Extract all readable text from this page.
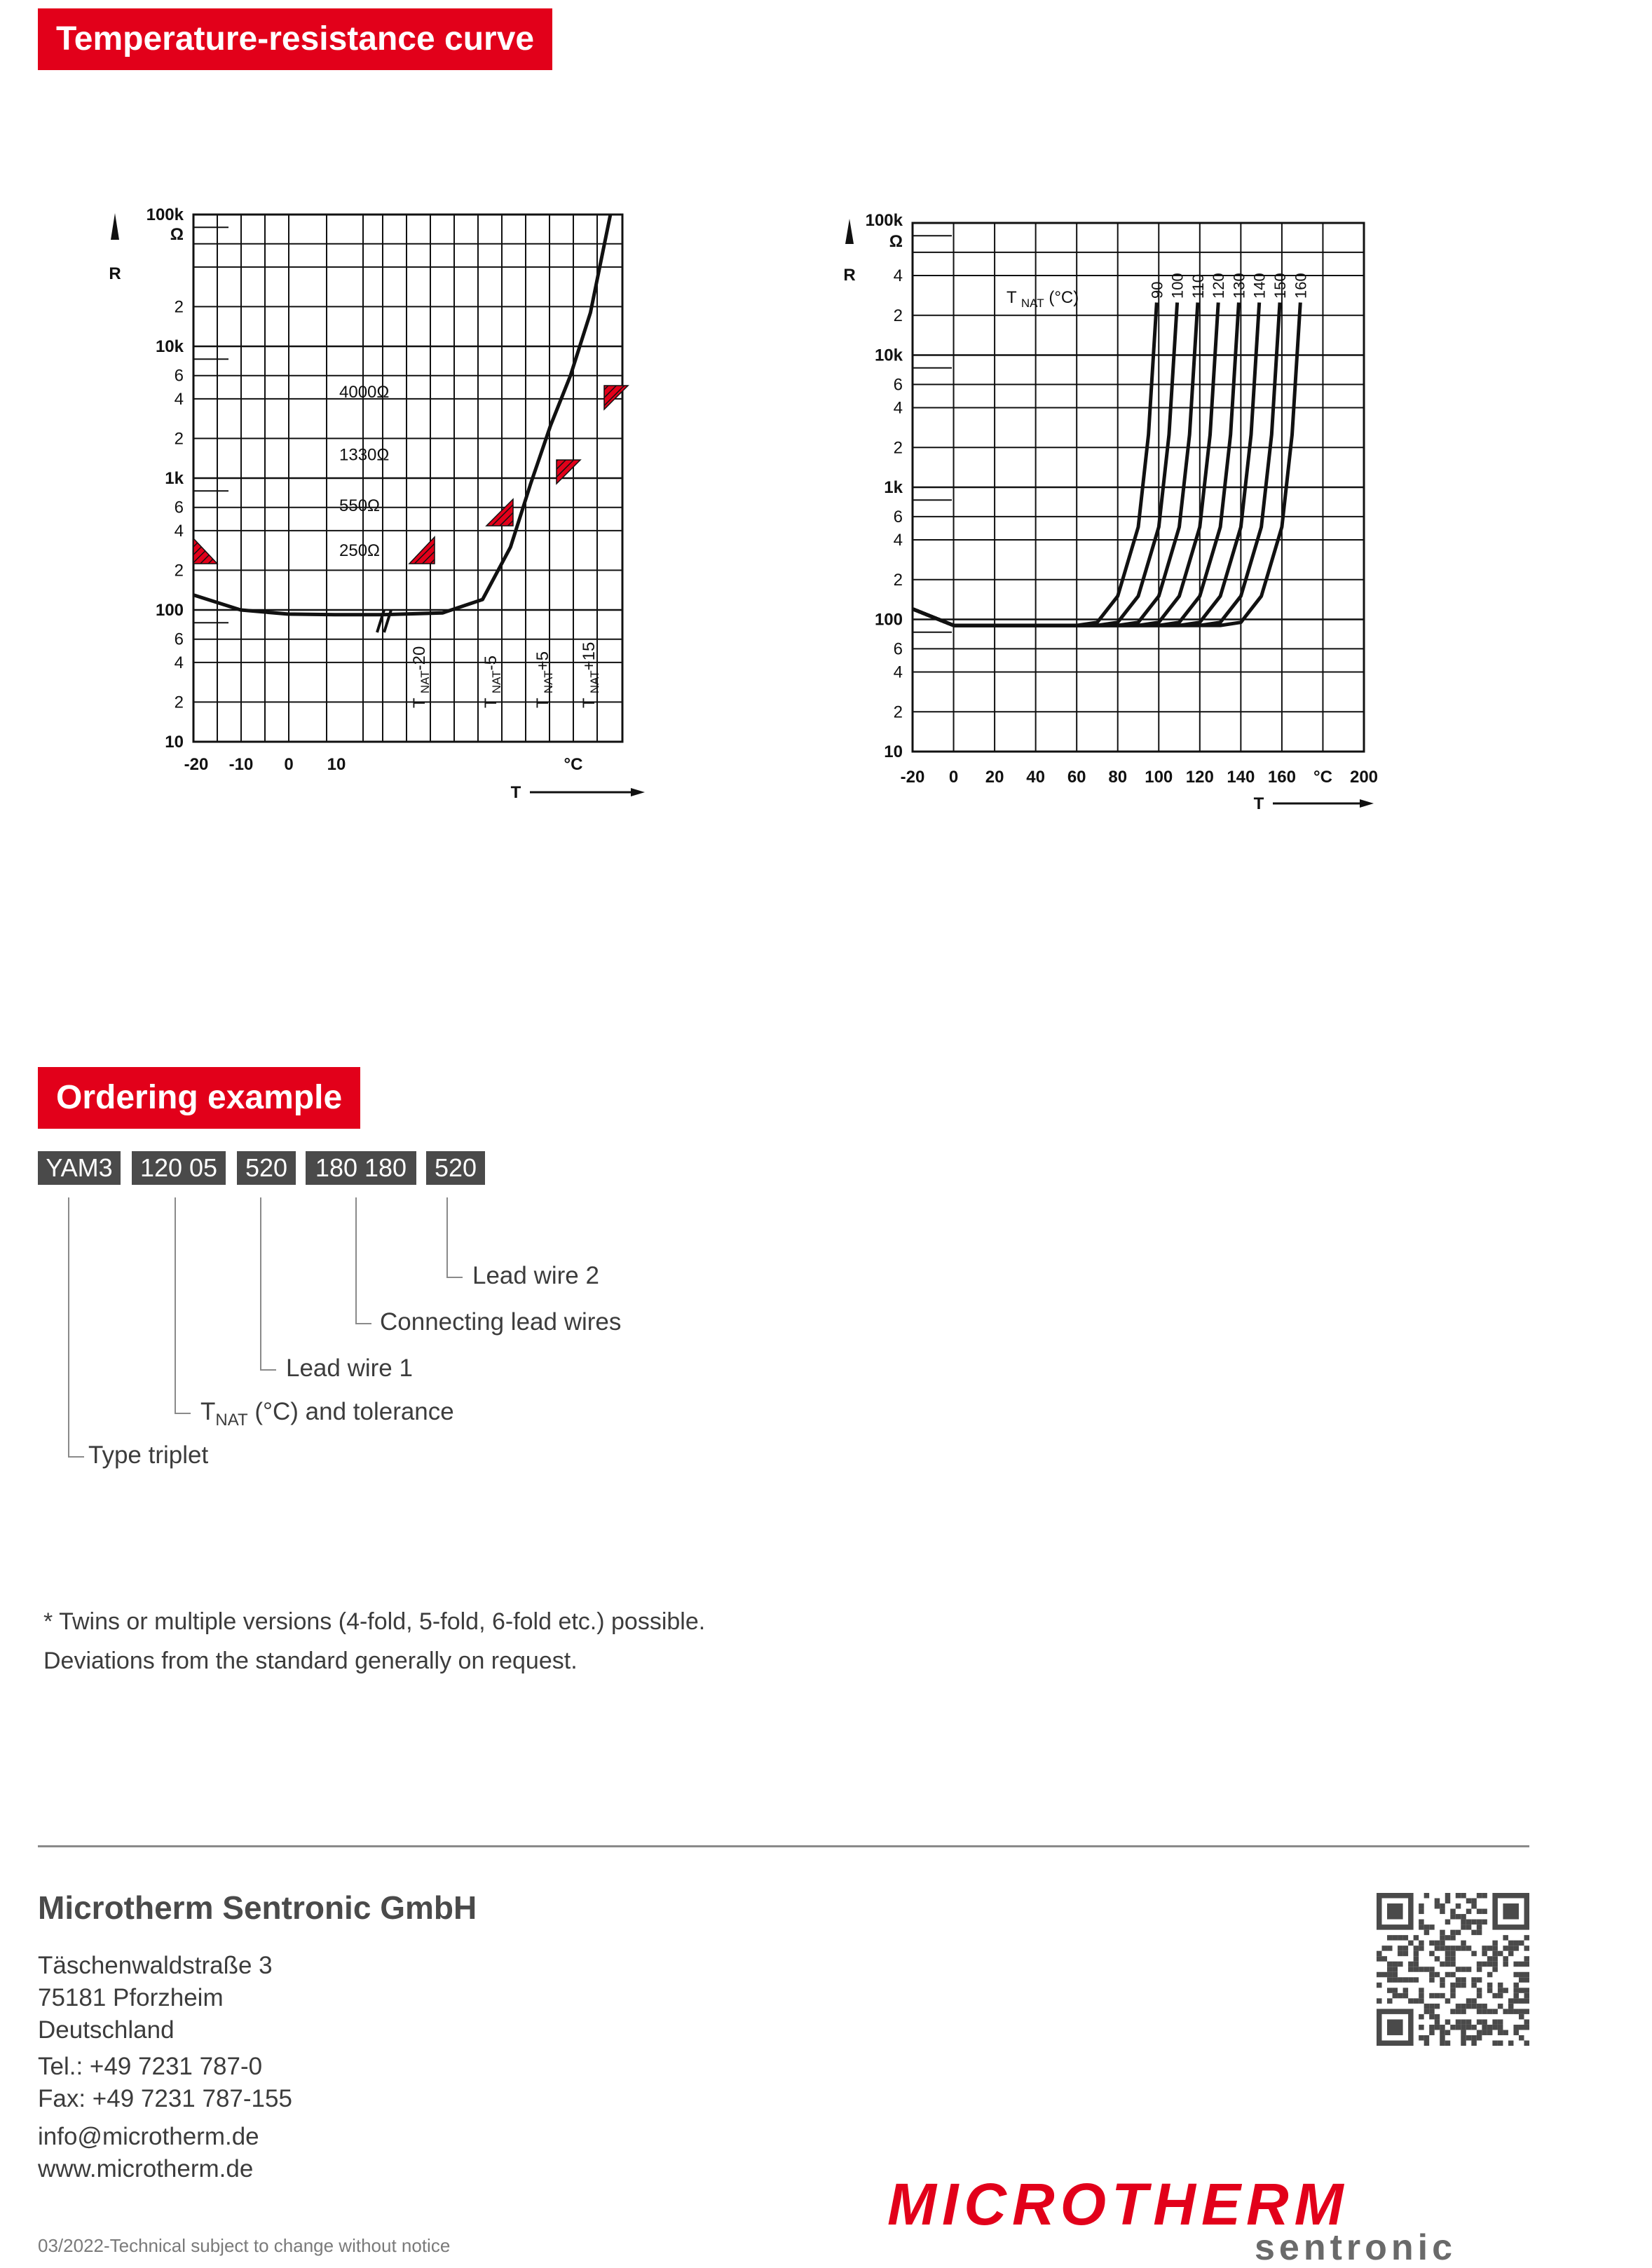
Temperature-resistance curve
100k
2
10k
6
4
2
1k
6
4
2
100
6
4
2
10
Ω
R
-20 -10 0 10	°C
T
4000Ω
1330Ω
550Ω
250Ω
T $_{NAT}$-20
T $_{NAT}$-5
T $_{NAT}$+5
T $_{NAT}$+15
100k
4
2
10k
6
4
2
1k
6
4
2
100
6
4
2
10
Ω
R
-20 0 20 40 60 80 100 120 140 160 °C 200
T
T $_{NAT}$ (°C)	90 100 110 120 130 140 150 160
Ordering example
YAM3	120 05	520	180 180	520
Lead wire 2
Connecting lead wires
Lead wire 1
$T_{NAT}$ (°C) and tolerance
Type triplet
* Twins or multiple versions (4-fold, 5-fold, 6-fold etc.) possible.
Deviations from the standard generally on request.
Microtherm Sentronic GmbH
Täschenwaldstraße 3
75181 Pforzheim
Deutschland
Tel.: +49 7231 787-0
Fax: +49 7231 787-155
info@microtherm.de
www.microtherm.de
03/2022-Technical subject to change without notice
MICROTHERM
sentronic
